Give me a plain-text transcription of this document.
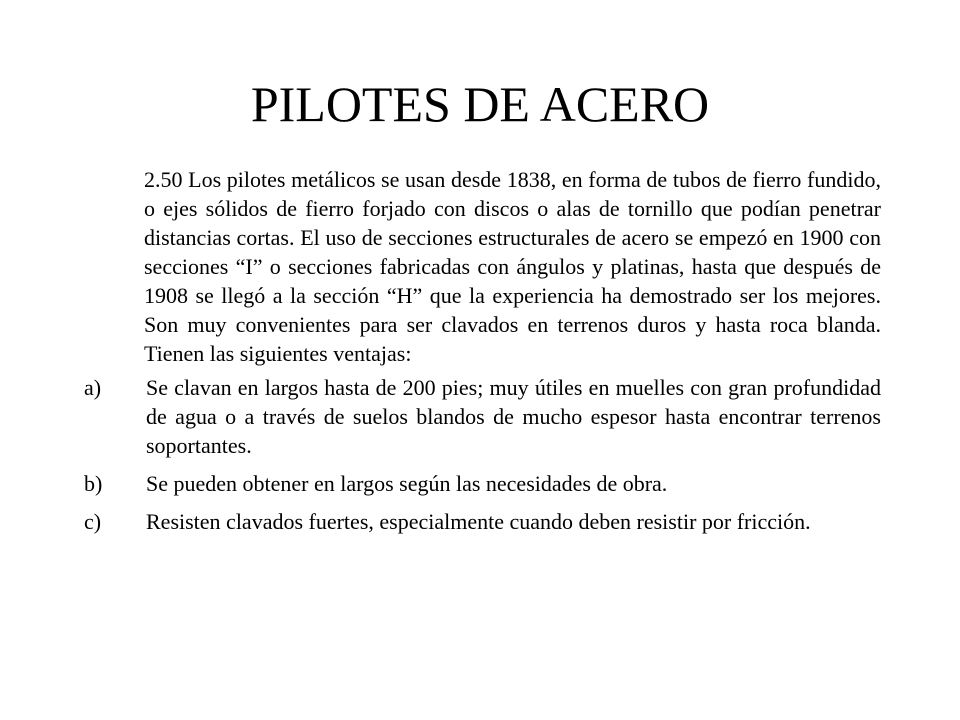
PILOTES DE ACERO

2.50 Los pilotes metálicos se usan desde 1838, en forma de tubos de fierro fundido, o ejes sólidos de fierro forjado con discos o alas de tornillo que podían penetrar distancias cortas. El uso de secciones estructurales de acero se empezó en 1900 con secciones “I” o secciones fabricadas con ángulos y platinas, hasta que después de 1908 se llegó a la sección “H” que la experiencia ha demostrado ser los mejores. Son muy convenientes para ser clavados en terrenos duros y hasta roca blanda. Tienen las siguientes ventajas:

a) Se clavan en largos hasta de 200 pies; muy útiles en muelles con gran profundidad de agua o a través de suelos blandos de mucho espesor hasta encontrar terrenos soportantes.
b) Se pueden obtener en largos según las necesidades de obra.
c) Resisten clavados fuertes, especialmente cuando deben resistir por fricción.
